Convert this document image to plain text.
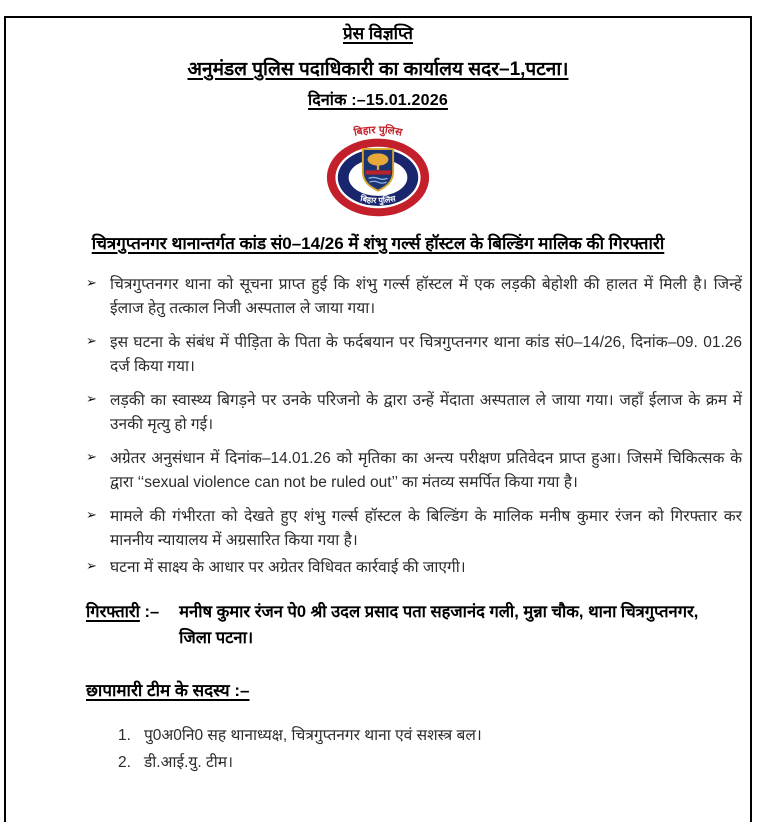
प्रेस विज्ञप्ति
अनुमंडल पुलिस पदाधिकारी का कार्यालय सदर–1,पटना।
दिनांक :–15.01.2026
बिहार पुलिस
बिहार पुलिस
चित्रगुप्तनगर थानान्तर्गत कांड सं0–14/26 में शंभु गर्ल्स हॉस्टल के बिल्डिंग मालिक की गिरफ्तारी
➢ चित्रगुप्तनगर थाना को सूचना प्राप्त हुई कि शंभु गर्ल्स हॉस्टल में एक लड़की बेहोशी की हालत में मिली है। जिन्हें ईलाज हेतु तत्काल निजी अस्पताल ले जाया गया।
➢ इस घटना के संबंध में पीड़िता के पिता के फर्दबयान पर चित्रगुप्तनगर थाना कांड सं0–14/26, दिनांक–09. 01.26 दर्ज किया गया।
➢ लड़की का स्वास्थ्य बिगड़ने पर उनके परिजनो के द्वारा उन्हें मेंदाता अस्पताल ले जाया गया। जहाँ ईलाज के क्रम में उनकी मृत्यु हो गई।
➢ अग्रेतर अनुसंधान में दिनांक–14.01.26 को मृतिका का अन्त्य परीक्षण प्रतिवेदन प्राप्त हुआ। जिसमें चिकित्सक के द्वारा ‘‘sexual violence can not be ruled out’’ का मंतव्य समर्पित किया गया है।
➢ मामले की गंभीरता को देखते हुए शंभु गर्ल्स हॉस्टल के बिल्डिंग के मालिक मनीष कुमार रंजन को गिरफ्तार कर माननीय न्यायालय में अग्रसारित किया गया है।
➢ घटना में साक्ष्य के आधार पर अग्रेतर विधिवत कार्रवाई की जाएगी।
गिरफ्तारी :– मनीष कुमार रंजन पे0 श्री उदल प्रसाद पता सहजानंद गली, मुन्ना चौक, थाना चित्रगुप्तनगर, जिला पटना।
छापामारी टीम के सदस्य :–
1. पु0अ0नि0 सह थानाध्यक्ष, चित्रगुप्तनगर थाना एवं सशस्त्र बल।
2. डी.आई.यु. टीम।
